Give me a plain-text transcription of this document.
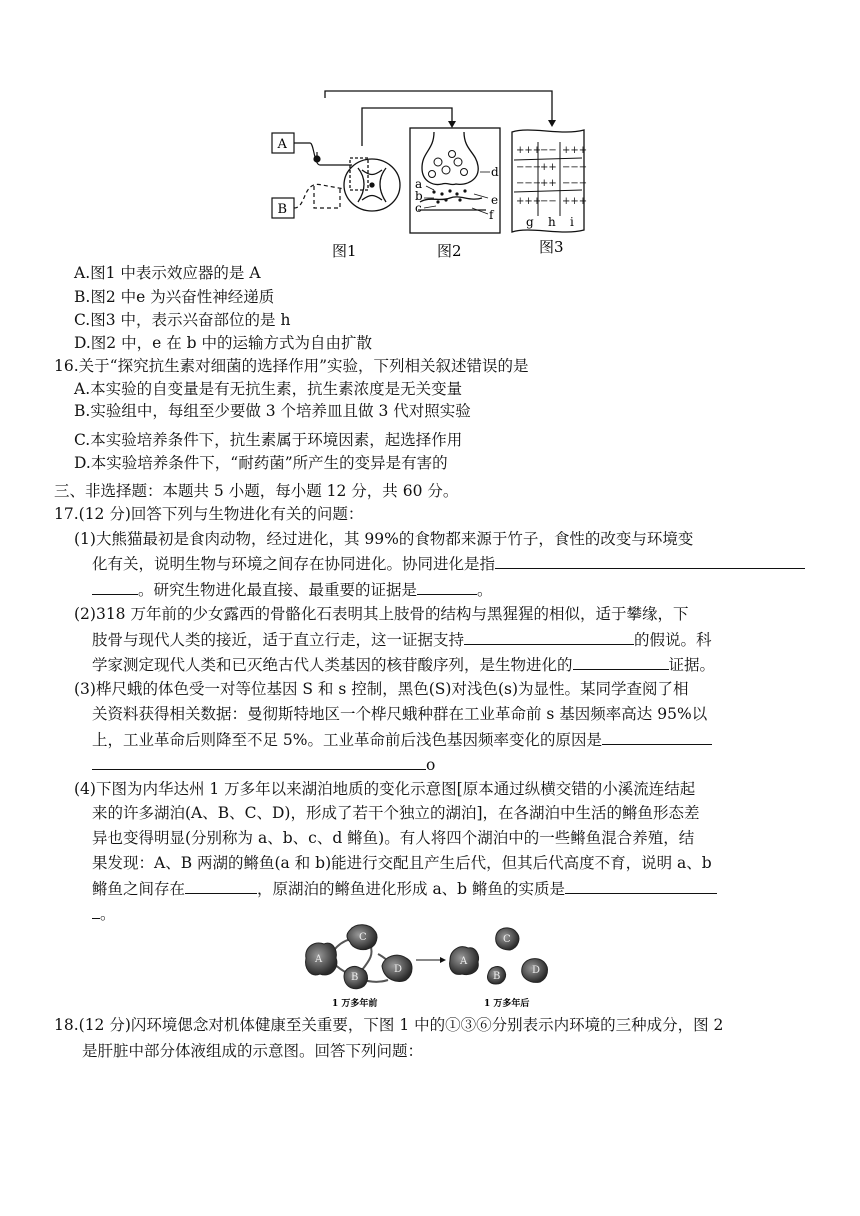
A
B
a
b
c
d
e
f
+++
−− +++
−−−
++ −−−
−−−
++ −−−
+++
−− +++
g h i
图1	图2	图3
A.图1 中表示效应器的是 A
B.图2 中e 为兴奋性神经递质
C.图3 中，表示兴奋部位的是 h
D.图2 中，e 在 b 中的运输方式为自由扩散
16.关于“探究抗生素对细菌的选择作用”实验，下列相关叙述错误的是
A.本实验的自变量是有无抗生素，抗生素浓度是无关变量
B.实验组中，每组至少要做 3 个培养皿且做 3 代对照实验
C.本实验培养条件下，抗生素属于环境因素，起选择作用
D.本实验培养条件下，“耐药菌”所产生的变异是有害的
三、非选择题：本题共 5 小题，每小题 12 分，共 60 分。
17.(12 分)回答下列与生物进化有关的问题：
(1)大熊猫最初是食肉动物，经过进化，其 99%的食物都来源于竹子，食性的改变与环境变
化有关，说明生物与环境之间存在协同进化。协同进化是指
。研究生物进化最直接、最重要的证据是	。
(2)318 万年前的少女露西的骨骼化石表明其上肢骨的结构与黑猩猩的相似，适于攀缘，下
肢骨与现代人类的接近，适于直立行走，这一证据支持	的假说。科
学家测定现代人类和已灭绝古代人类基因的核苷酸序列，是生物进化的	证据。
(3)桦尺蛾的体色受一对等位基因 S 和 s 控制，黑色(S)对浅色(s)为显性。某同学查阅了相
关资料获得相关数据：曼彻斯特地区一个桦尺蛾种群在工业革命前 s 基因频率高达 95%以
上，工业革命后则降至不足 5%。工业革命前后浅色基因频率变化的原因是
o
(4)下图为内华达州 1 万多年以来湖泊地质的变化示意图[原本通过纵横交错的小溪流连结起
来的许多湖泊(A、B、C、D)，形成了若干个独立的湖泊]，在各湖泊中生活的鳉鱼形态差
异也变得明显(分别称为 a、b、c、d 鳉鱼)。有人将四个湖泊中的一些鳉鱼混合养殖，结
果发现：A、B 两湖的鳉鱼(a 和 b)能进行交配且产生后代，但其后代高度不育，说明 a、b
鳉鱼之间存在	，原湖泊的鳉鱼进化形成 a、b 鳉鱼的实质是
。
A
C
B
D
A
C
B
D
1 万多年前	1 万多年后
18.(12 分)闪环境偲念对机体健康至关重要，下图 1 中的①③⑥分别表示内环境的三种成分，图 2
是肝脏中部分体液组成的示意图。回答下列问题：
